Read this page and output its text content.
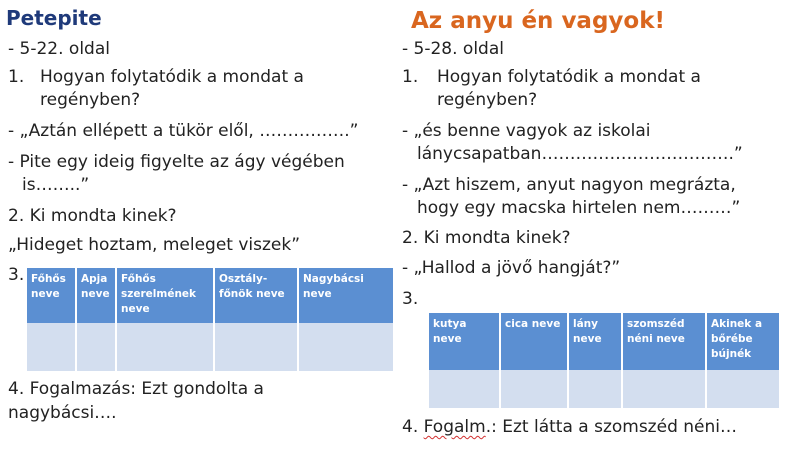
Petepite
- 5-22. oldal
1. Hogyan folytatódik a mondat a
regényben?
- „Aztán ellépett a tükör elől, …………….”
- Pite egy ideig figyelte az ágy végében
is……..”
2. Ki mondta kinek?
„Hideget hoztam, meleget viszek”
3. Főhős neve	Apja neve	Főhős szerelmének neve	Osztály-főnök neve	Nagybácsi neve

4. Fogalmazás: Ezt gondolta a
nagybácsi….
Az anyu én vagyok!
- 5-28. oldal
1. Hogyan folytatódik a mondat a
regényben?
- „és benne vagyok az iskolai
lánycsapatban…………………………….”
- „Azt hiszem, anyut nagyon megrázta,
hogy egy macska hirtelen nem………”
2. Ki mondta kinek?
- „Hallod a jövő hangját?”
3.
kutya neve	cica neve	lány neve	szomszéd néni neve	Akinek a bőrébe bújnék

4. Fogalm.: Ezt látta a szomszéd néni…
